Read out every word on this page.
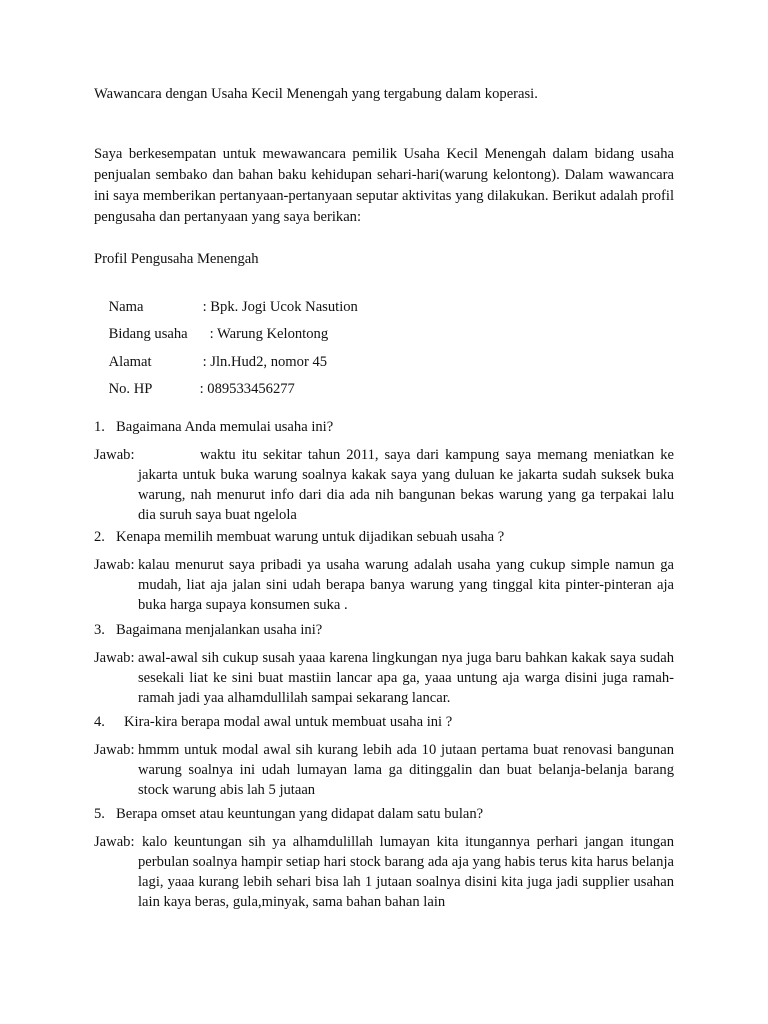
Wawancara dengan Usaha Kecil Menengah yang tergabung dalam koperasi.

Saya berkesempatan untuk mewawancara pemilik Usaha Kecil Menengah dalam bidang usaha penjualan sembako dan bahan baku kehidupan sehari-hari(warung kelontong). Dalam wawancara ini saya memberikan pertanyaan-pertanyaan seputar aktivitas yang dilakukan. Berikut adalah profil pengusaha dan pertanyaan yang saya berikan:

Profil Pengusaha Menengah

Nama	: Bpk. Jogi Ucok Nasution

Bidang usaha : Warung Kelontong

Alamat	: Jln.Hud2, nomor 45

No. HP	: 089533456277

1. Bagaimana Anda memulai usaha ini?
Jawab:	waktu itu sekitar tahun 2011, saya dari kampung saya memang meniatkan ke jakarta untuk buka warung soalnya kakak saya yang duluan ke jakarta sudah suksek buka warung, nah menurut info dari dia ada nih bangunan bekas warung yang ga terpakai lalu dia suruh saya buat ngelola
2. Kenapa memilih membuat warung untuk dijadikan sebuah usaha ?
Jawab: kalau menurut saya pribadi ya usaha warung adalah usaha yang cukup simple namun ga mudah, liat aja jalan sini udah berapa banya warung yang tinggal kita pinter-pinteran aja buka harga supaya konsumen suka .
3. Bagaimana menjalankan usaha ini?
Jawab: awal-awal sih cukup susah yaaa karena lingkungan nya juga baru bahkan kakak saya sudah sesekali liat ke sini buat mastiin lancar apa ga, yaaa untung aja warga disini juga ramah-ramah jadi yaa alhamdullilah sampai sekarang lancar.
4. Kira-kira berapa modal awal untuk membuat usaha ini ?
Jawab: hmmm untuk modal awal sih kurang lebih ada 10 jutaan pertama buat renovasi bangunan warung soalnya ini udah lumayan lama ga ditinggalin dan buat belanja-belanja barang stock warung abis lah 5 jutaan
5. Berapa omset atau keuntungan yang didapat dalam satu bulan?
Jawab: kalo keuntungan sih ya alhamdulillah lumayan kita itungannya perhari jangan itungan perbulan soalnya hampir setiap hari stock barang ada aja yang habis terus kita harus belanja lagi, yaaa kurang lebih sehari bisa lah 1 jutaan soalnya disini kita juga jadi supplier usahan lain kaya beras, gula,minyak, sama bahan bahan lain
